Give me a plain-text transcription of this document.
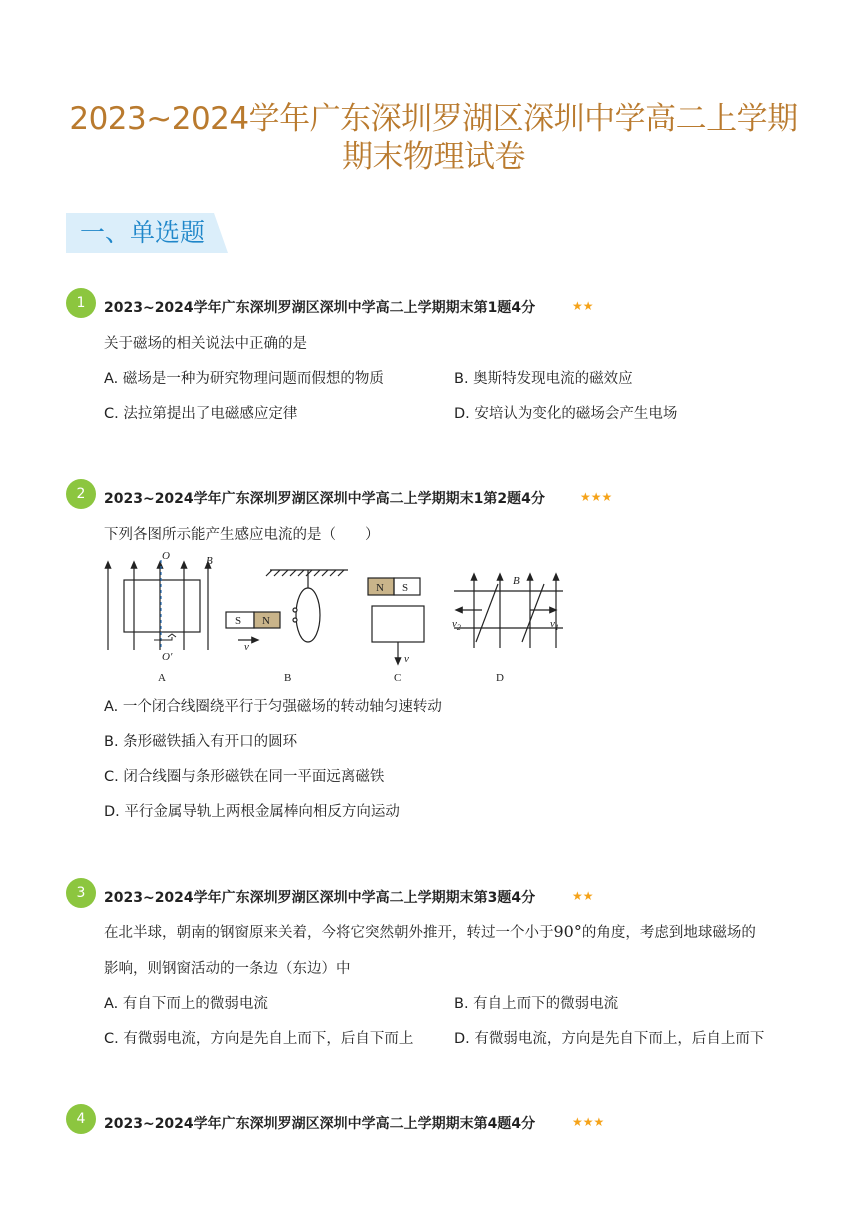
2023~2024学年广东深圳罗湖区深圳中学高二上学期
期末物理试卷
一、单选题
1	2023~2024学年广东深圳罗湖区深圳中学高二上学期期末第1题4分	★★
关于磁场的相关说法中正确的是
A. 磁场是一种为研究物理问题而假想的物质	B. 奥斯特发现电流的磁效应
C. 法拉第提出了电磁感应定律	D. 安培认为变化的磁场会产生电场
2	2023~2024学年广东深圳罗湖区深圳中学高二上学期期末1第2题4分	★★★
下列各图所示能产生感应电流的是（　　）
O
O′
B
A
S N
v
B
N S
v
C
B
$v_2$	$v_1$
D
A. 一个闭合线圈绕平行于匀强磁场的转动轴匀速转动
B. 条形磁铁插入有开口的圆环
C. 闭合线圈与条形磁铁在同一平面远离磁铁
D. 平行金属导轨上两根金属棒向相反方向运动
3	2023~2024学年广东深圳罗湖区深圳中学高二上学期期末第3题4分	★★
在北半球，朝南的钢窗原来关着，今将它突然朝外推开，转过一个小于90°的角度，考虑到地球磁场的
影响，则钢窗活动的一条边（东边）中
A. 有自下而上的微弱电流	B. 有自上而下的微弱电流
C. 有微弱电流，方向是先自上而下，后自下而上	D. 有微弱电流，方向是先自下而上，后自上而下
4	2023~2024学年广东深圳罗湖区深圳中学高二上学期期末第4题4分	★★★
